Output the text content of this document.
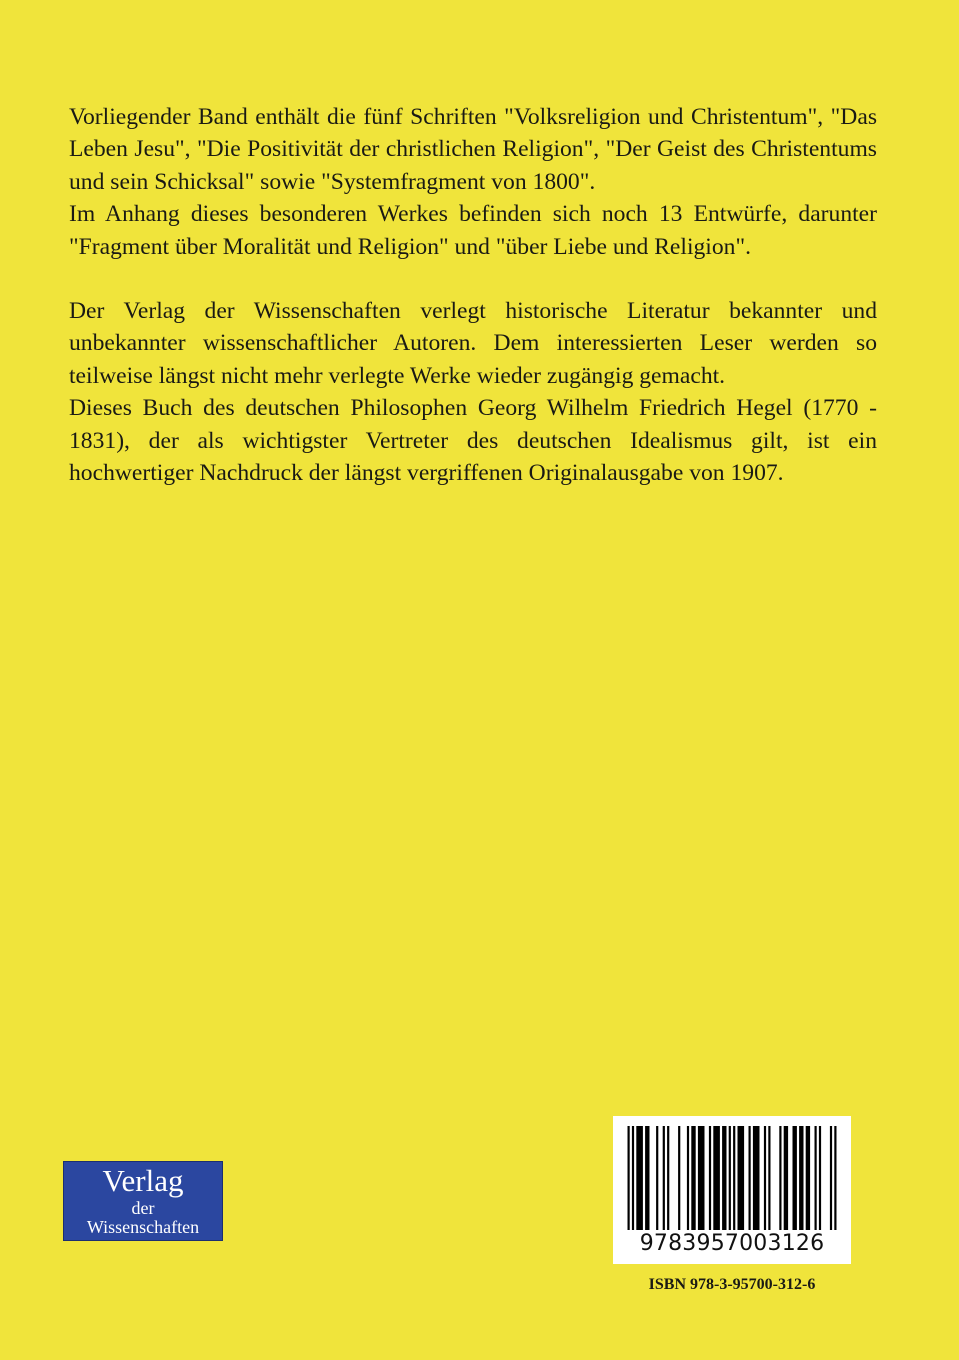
Vorliegender Band enthält die fünf Schriften "Volksreligion und Christentum", "Das Leben Jesu", "Die Positivität der christlichen Religion", "Der Geist des Christentums und sein Schicksal" sowie "Systemfragment von 1800".

Im Anhang dieses besonderen Werkes befinden sich noch 13 Entwürfe, darunter "Fragment über Moralität und Religion" und "über Liebe und Religion".

Der Verlag der Wissenschaften verlegt historische Literatur bekannter und unbekannter wissenschaftlicher Autoren. Dem interessierten Leser werden so teilweise längst nicht mehr verlegte Werke wieder zugängig gemacht.

Dieses Buch des deutschen Philosophen Georg Wilhelm Friedrich Hegel (1770 - 1831), der als wichtigster Vertreter des deutschen Idealismus gilt, ist ein hochwertiger Nachdruck der längst vergriffenen Originalausgabe von 1907.

Verlag
der
Wissenschaften
9783957003126
ISBN 978-3-95700-312-6
